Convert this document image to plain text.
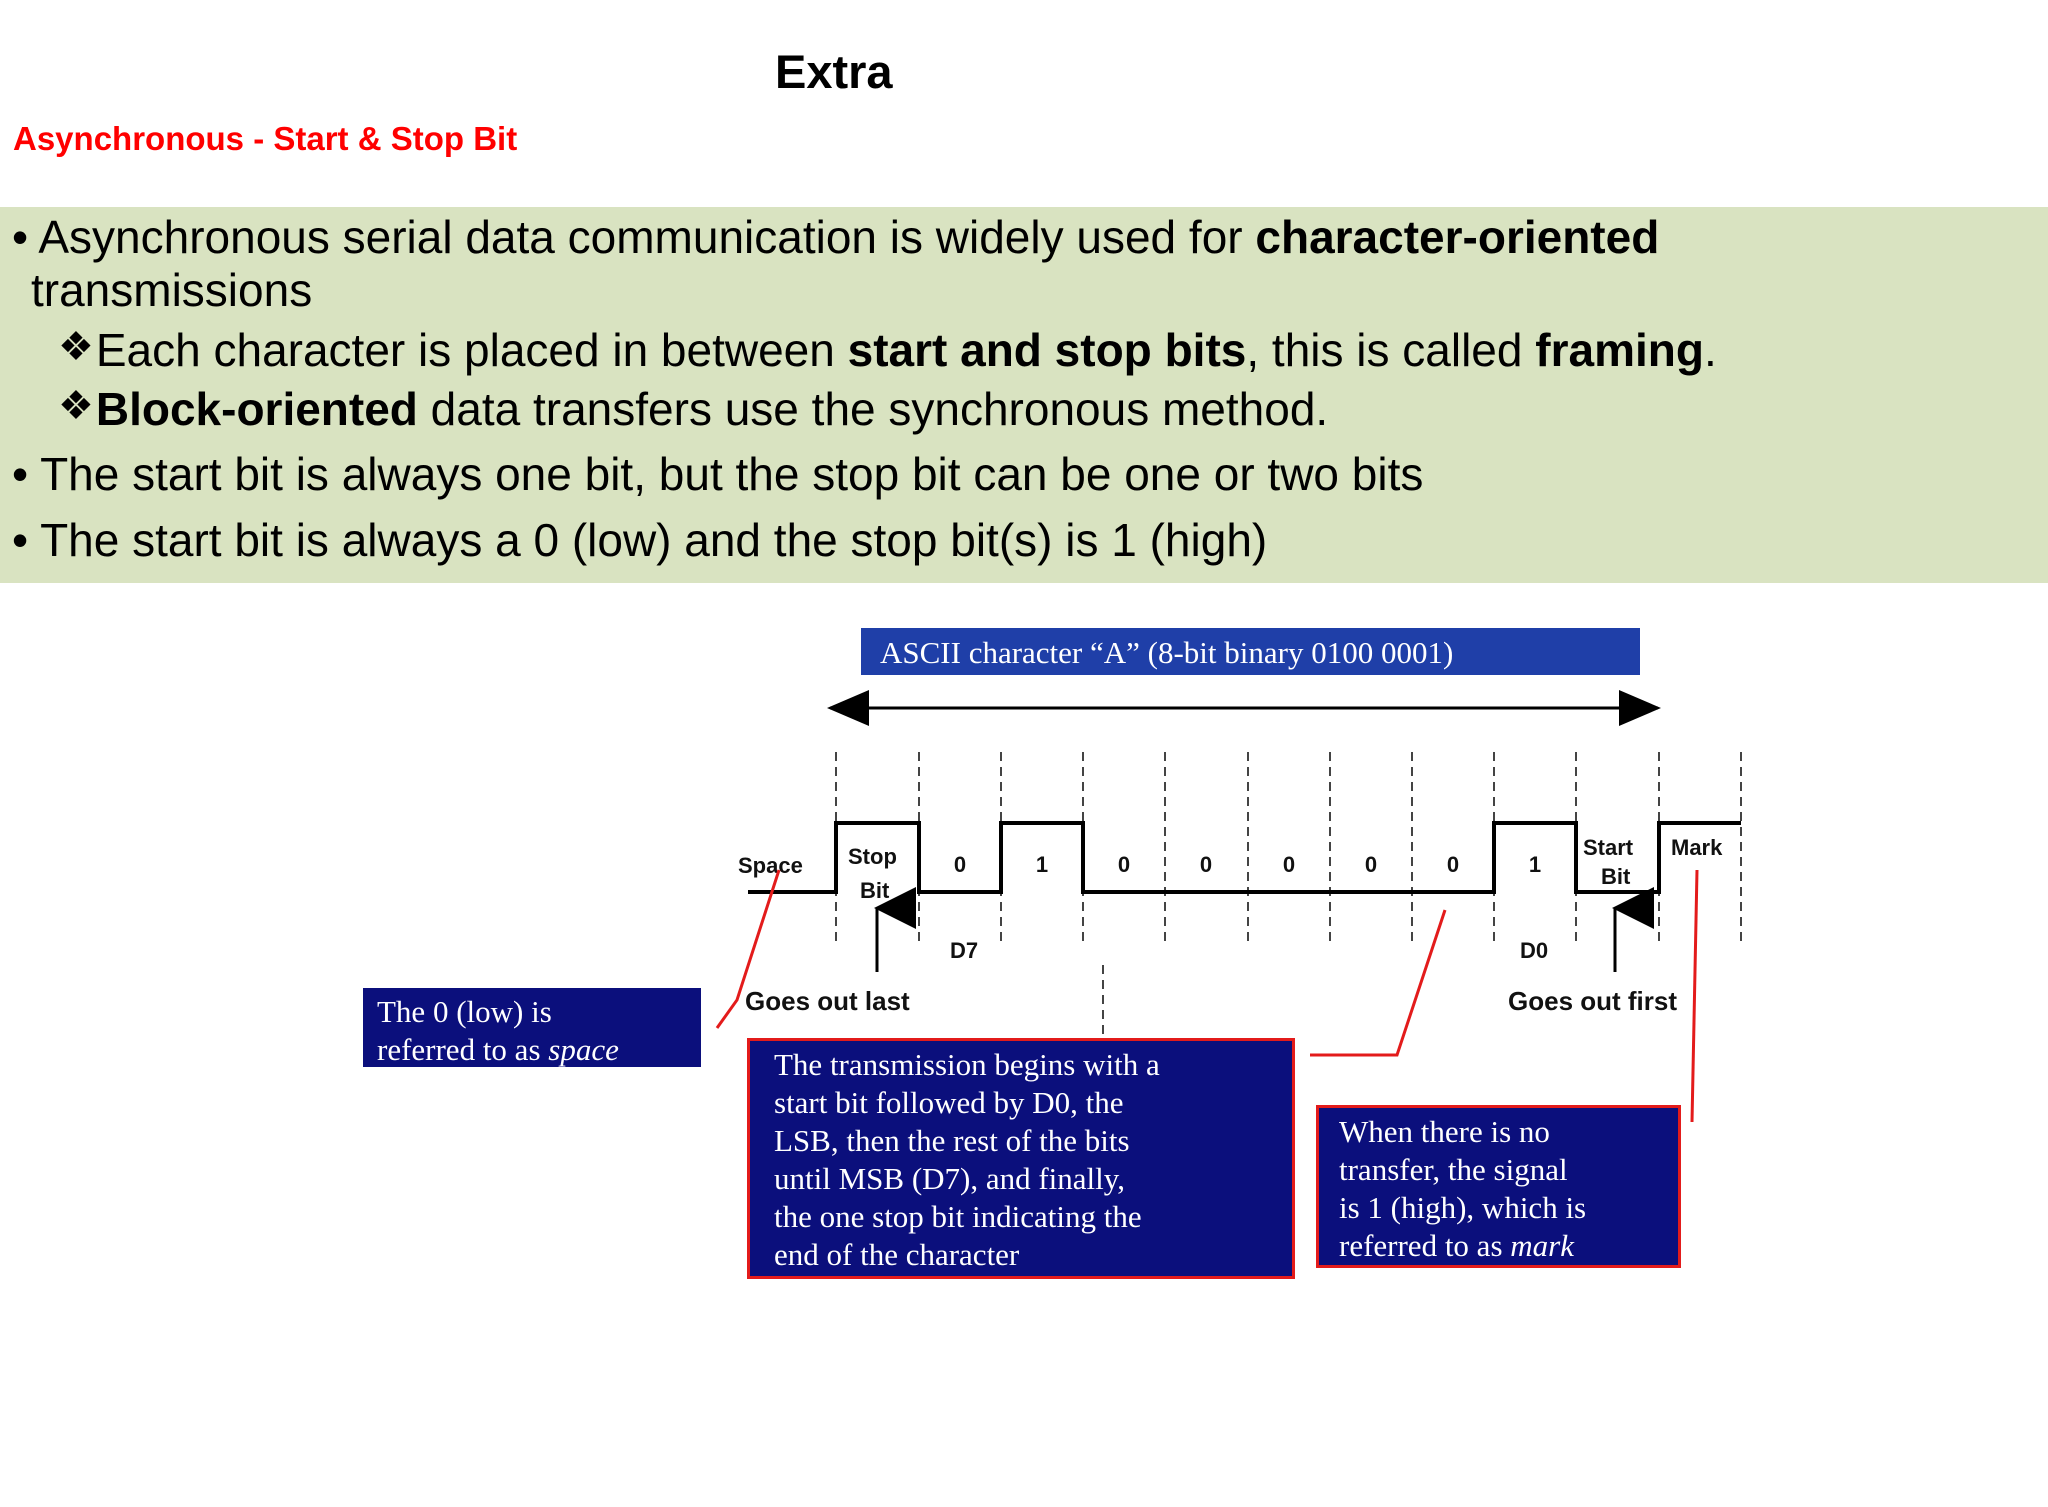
Extra
Asynchronous - Start & Stop Bit
• Asynchronous serial data communication is widely used for character-oriented
transmissions
❖Each character is placed in between start and stop bits, this is called framing.
❖Block-oriented data transfers use the synchronous method.
• The start bit is always one bit, but the stop bit can be one or two bits
• The start bit is always a 0 (low) and the stop bit(s) is 1 (high)
ASCII character “A” (8-bit binary 0100 0001)
Space Stop
Bit
Start
Bit
Mark
0	1	0	0	0	0	0	1
D7	D0
Goes out last	Goes out first
The 0 (low) is
referred to as space	The transmission begins with a
start bit followed by D0, the
LSB, then the rest of the bits
until MSB (D7), and finally,
the one stop bit indicating the
end of the character
When there is no
transfer, the signal
is 1 (high), which is
referred to as mark
